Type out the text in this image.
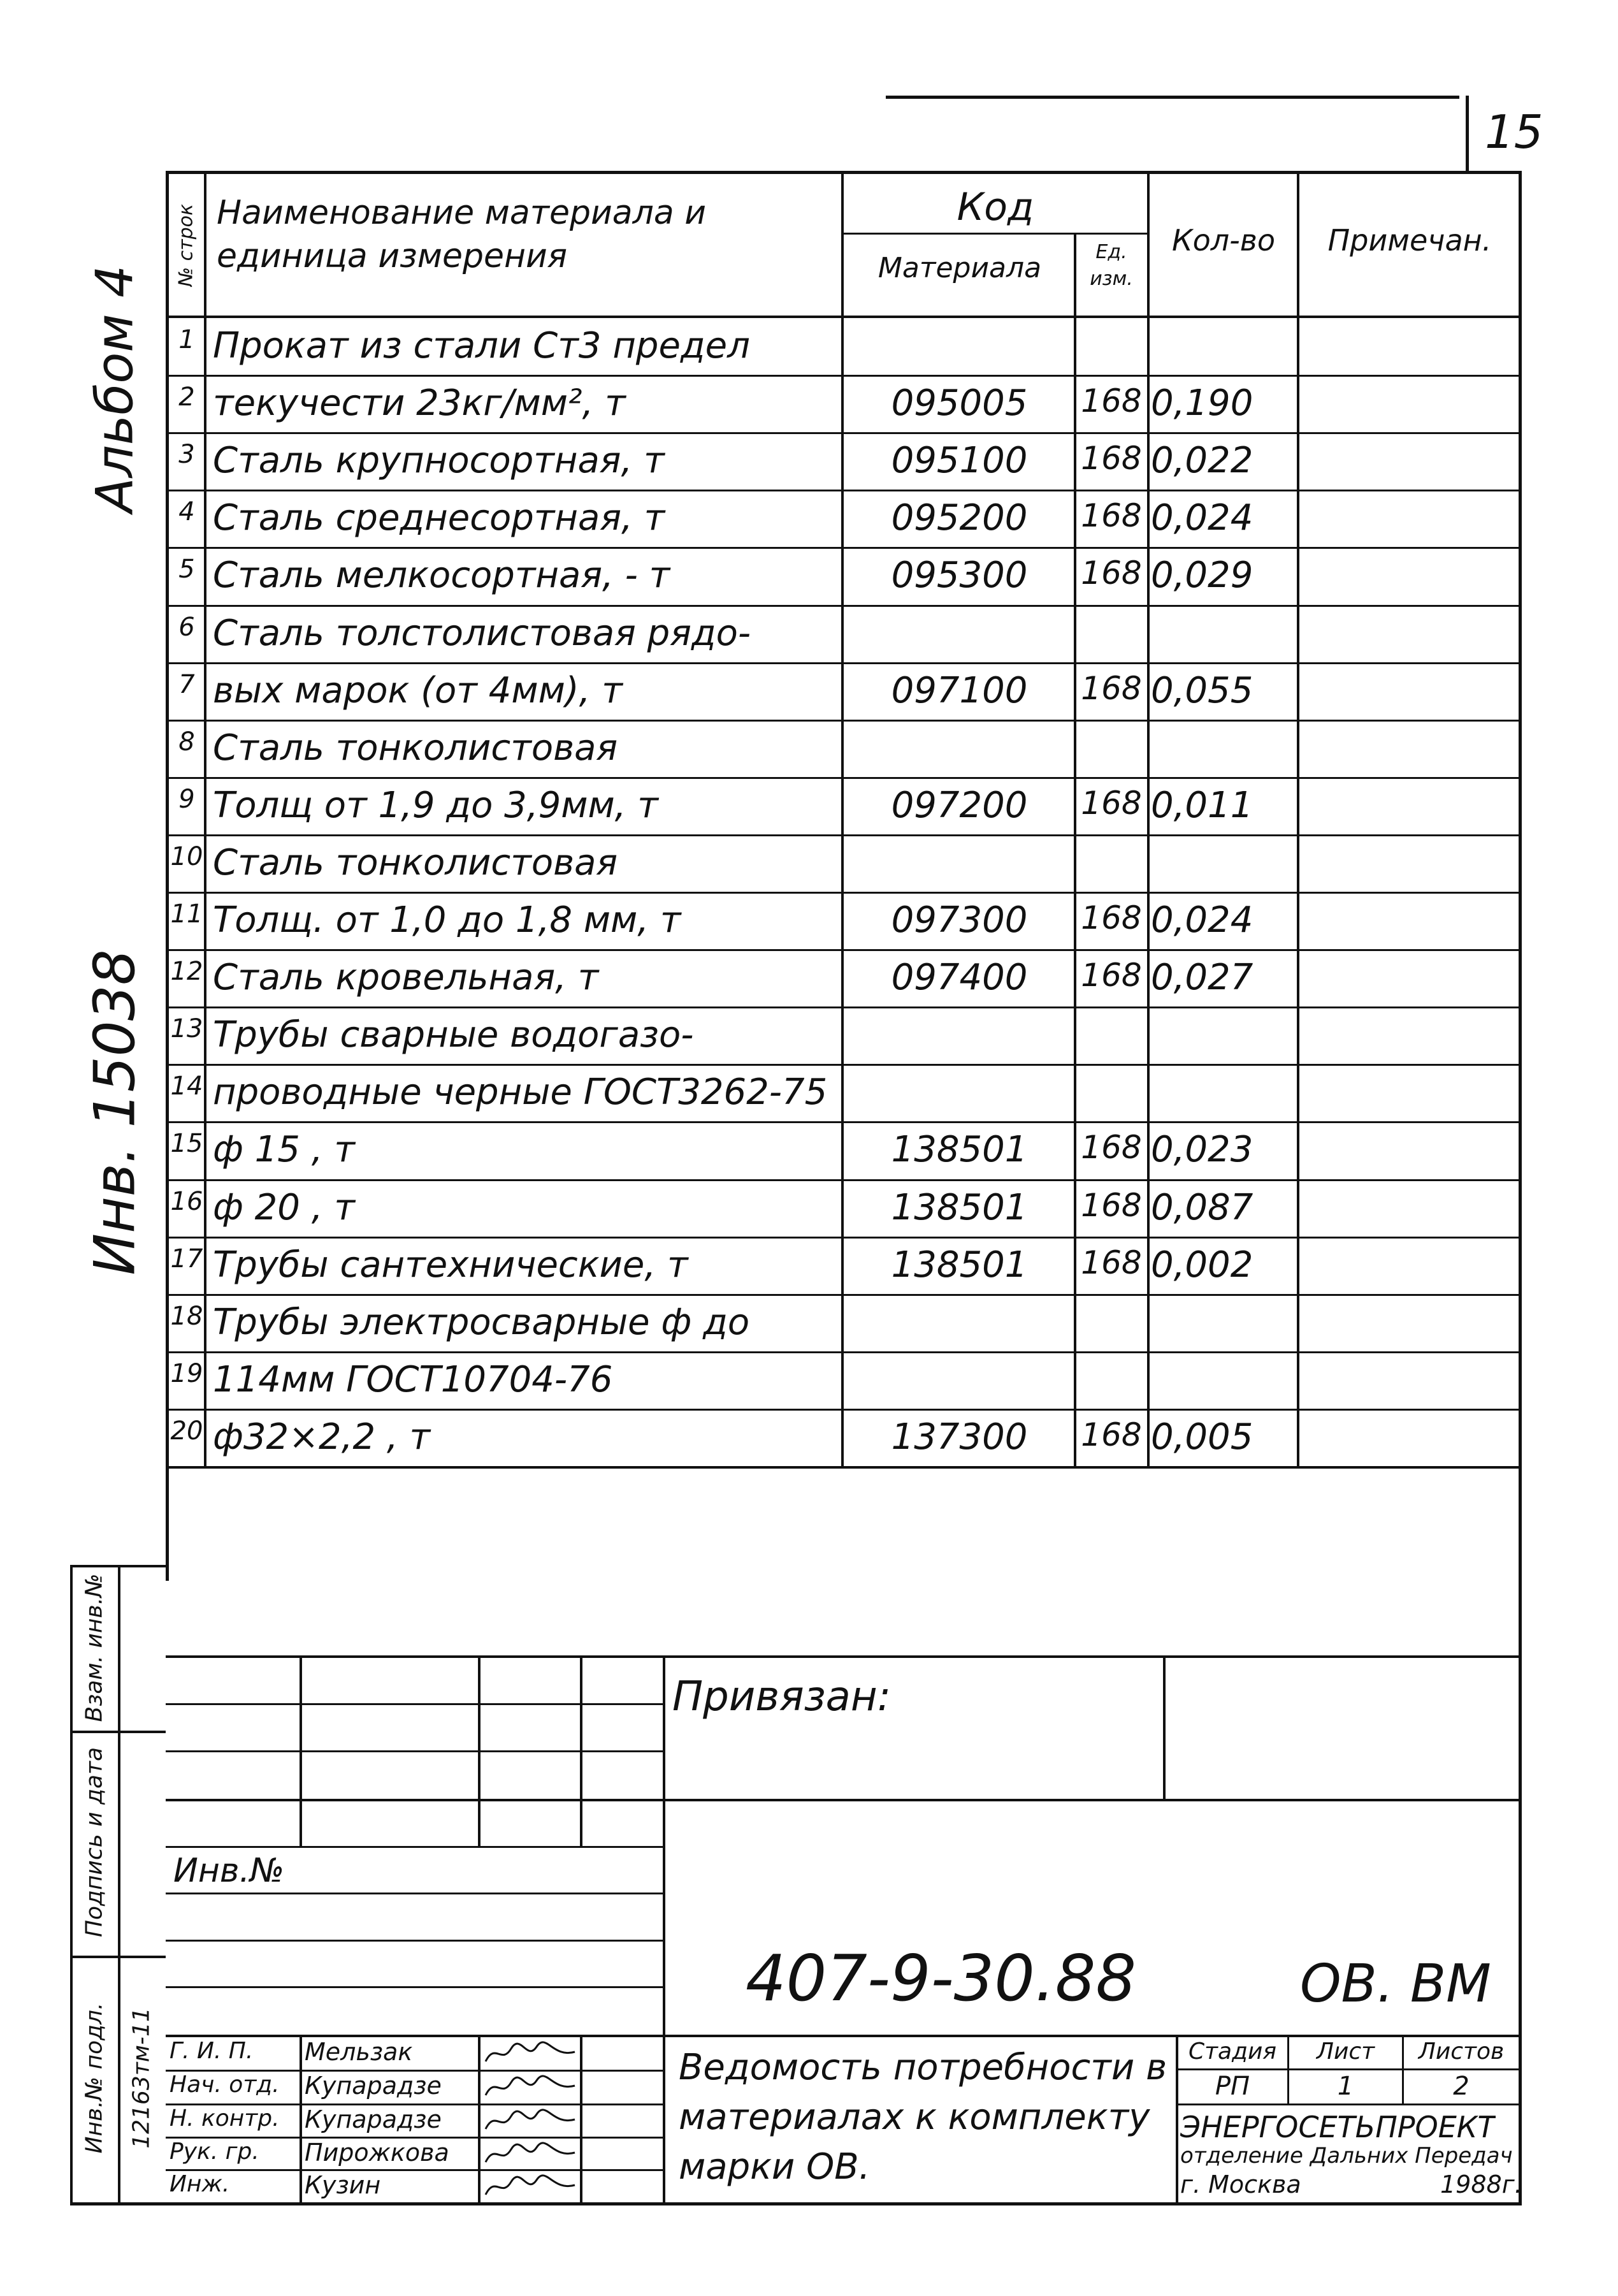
15
Альбом 4
Инв. 15038
№ строк Наименование материала и единица измерения
Код
Материала	Ед. изм.
Кол-во	Примечан.
1 Прокат из стали Ст3 предел
2 текучести 23кг/мм², т	095005	168 0,190
3 Сталь крупносортная, т	095100	168 0,022
4 Сталь среднесортная, т	095200	168 0,024
5 Сталь мелкосортная, - т	095300	168 0,029
6 Сталь толстолистовая рядо-
7 вых марок (от 4мм), т	097100	168 0,055
8 Сталь тонколистовая
9 Толщ от 1,9 до 3,9мм, т	097200	168 0,011
10 Сталь тонколистовая
11 Толщ. от 1,0 до 1,8 мм, т	097300	168 0,024
12 Сталь кровельная, т	097400	168 0,027
13 Трубы сварные водогазо-
14 проводные черные ГОСТ3262-75
15 ф 15 , т	138501	168 0,023
16 ф 20 , т	138501	168 0,087
17 Трубы сантехнические, т	138501	168 0,002
18 Трубы электросварные ф до
19 114мм ГОСТ10704-76
20 ф32×2,2 , т	137300	168 0,005
Взам. инв.№
Подпись и дата
Инв.№ подл. 12163тм-11
Привязан:
Инв.№
407-9-30.88	ОВ. ВМ
Г. И. П.	Мельзак
Нач. отд.	Купарадзе
Н. контр.	Купарадзе
Рук. гр.	Пирожкова
Инж.	Кузин
Ведомость потребности в материалах к комплекту марки ОВ.
Стадия	Лист	Листов
РП	1	2
ЭНЕРГОСЕТЬПРОЕКТ
отделение Дальних Передач
г. Москва	1988г.
